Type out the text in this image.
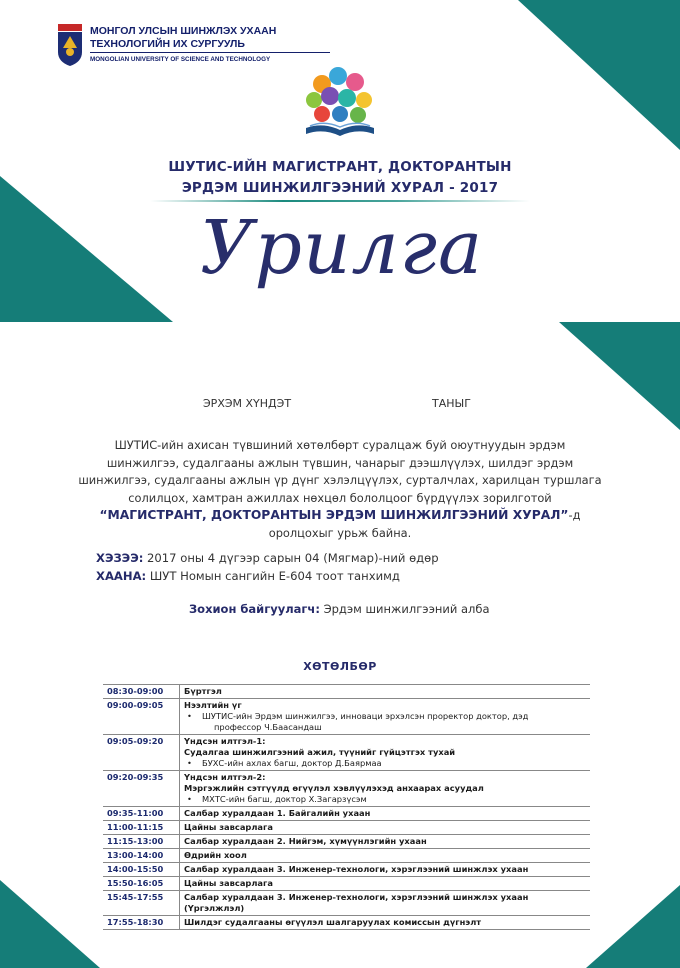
МОНГОЛ УЛСЫН ШИНЖЛЭХ УХААН
ТЕХНОЛОГИЙН ИХ СУРГУУЛЬ
MONGOLIAN UNIVERSITY OF SCIENCE AND TECHNOLOGY
ШУТИС-ИЙН МАГИСТРАНТ, ДОКТОРАНТЫН
ЭРДЭМ ШИНЖИЛГЭЭНИЙ ХУРАЛ - 2017
Урилга
ЭРХЭМ ХҮНДЭТ	ТАНЫГ
ШУТИС-ийн ахисан түвшиний хөтөлбөрт суралцаж буй оюутнуудын эрдэм
шинжилгээ, судалгааны ажлын түвшин, чанарыг дээшлүүлэх, шилдэг эрдэм
шинжилгээ, судалгааны ажлын үр дүнг хэлэлцүүлэх, сурталчлах, харилцан туршлага
солилцох, хамтран ажиллах нөхцөл бололцоог бүрдүүлэх зорилготой
“МАГИСТРАНТ, ДОКТОРАНТЫН ЭРДЭМ ШИНЖИЛГЭЭНИЙ ХУРАЛ”-д
оролцохыг урьж байна.
ХЭЗЭЭ: 2017 оны 4 дүгээр сарын 04 (Мягмар)-ний өдөр
ХААНА: ШУТ Номын сангийн Е-604 тоот танхимд
Зохион байгуулагч: Эрдэм шинжилгээний алба
ХӨТӨЛБӨР
08:30-09:00	Бүртгэл

09:00-09:05	Нээлтийн үг
• ШУТИС-ийн Эрдэм шинжилгээ, инноваци эрхэлсэн проректор доктор, дэд
профессор Ч.Баасандаш

09:05-09:20	Үндсэн илтгэл-1:
Судалгаа шинжилгээний ажил, түүнийг гүйцэтгэх тухай
• БУХС-ийн ахлах багш, доктор Д.Баярмаа

09:20-09:35	Үндсэн илтгэл-2:
Мэргэжлийн сэтгүүлд өгүүлэл хэвлүүлэхэд анхаарах асуудал
• МХТС-ийн багш, доктор Х.Загарзүсэм

09:35-11:00	Салбар хуралдаан 1. Байгалийн ухаан

11:00-11:15	Цайны завсарлага

11:15-13:00	Салбар хуралдаан 2. Нийгэм, хүмүүнлэгийн ухаан

13:00-14:00	Өдрийн хоол

14:00-15:50	Салбар хуралдаан 3. Инженер-технологи, хэрэглээний шинжлэх ухаан

15:50-16:05	Цайны завсарлага

15:45-17:55	Салбар хуралдаан 3. Инженер-технологи, хэрэглээний шинжлэх ухаан
(Үргэлжлэл)

17:55-18:30	Шилдэг судалгааны өгүүлэл шалгаруулах комиссын дүгнэлт
